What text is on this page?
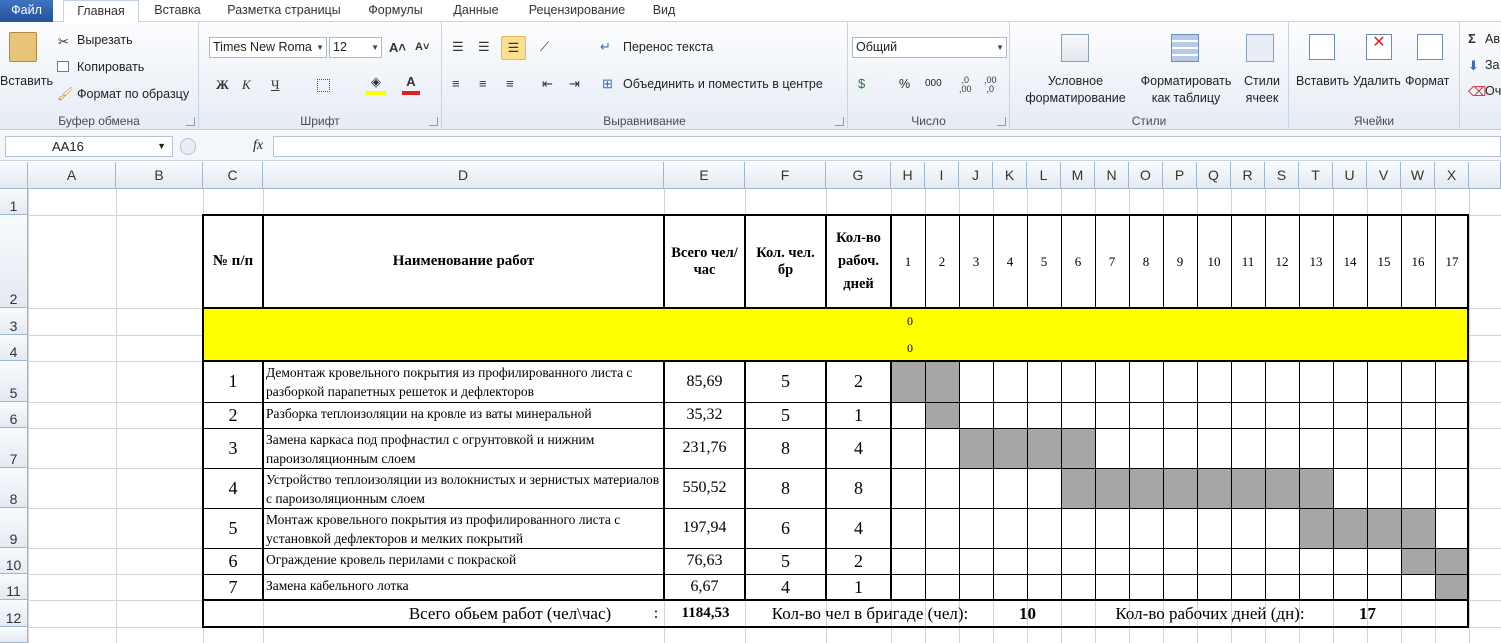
Файл	Главная	Вставка	Разметка страницы	Формулы	Данные	Рецензирование	Вид
Вставить
✂ Вырезать
Копировать
🖌 Формат по образцу
Буфер обмена
Times New Roma ▼ 12	▼ A˄ A˅
Ж К Ч	◈	A
Шрифт
☰ ☰	☰	⟋	↵ Перенос текста
≡ ≡ ≡ ⇤ ⇥ ⊞ Объединить и поместить в центре
Выравнивание
Общий	▼
$	% 000 ,0
,00
,00
,0
Число
Условное форматирование
Форматировать как таблицу
Стили ячеек
Стили
Вставить
✕
Удалить Формат
Ячейки
Σ Ав
⬇ За
⌫
Оч
AA16	▼	fx
A	B	C	D	E	F	G	H	I	J	K	L	M	N	O	P	Q	R	S	T	U	V	W	X
1
2
3
4
5
6
7
8
9
10
11
12
№ п/п	Наименование работ
Всего чел/час
Кол. чел. бр
Кол-во рабоч. дней
1	2	3	4	5	6	7	8	9	10	11	12	13	14	15	16	17
0
0
1	Демонтаж кровельного покрытия из профилированного листа с разборкой парапетных решеток и дефлекторов
85,69	5	2
2	Разборка теплоизоляции на кровле из ваты минеральной	35,32	5	1
3	Замена каркаса под профнастил с огрунтовкой и нижним пароизоляционным слоем
231,76	8	4
4	Устройство теплоизоляции из волокнистых и зернистых материалов с пароизоляционным слоем
550,52	8	8
5	Монтаж кровельного покрытия из профилированного листа с установкой дефлекторов и мелких покрытий
197,94	6	4
6	Ограждение кровель перилами с покраской	76,63	5	2
7	Замена кабельного лотка	6,67	4	1
Всего обьем работ (чел\час)	:	1184,53	Кол-во чел в бригаде (чел):	10	Кол-во рабочих дней (дн):	17
